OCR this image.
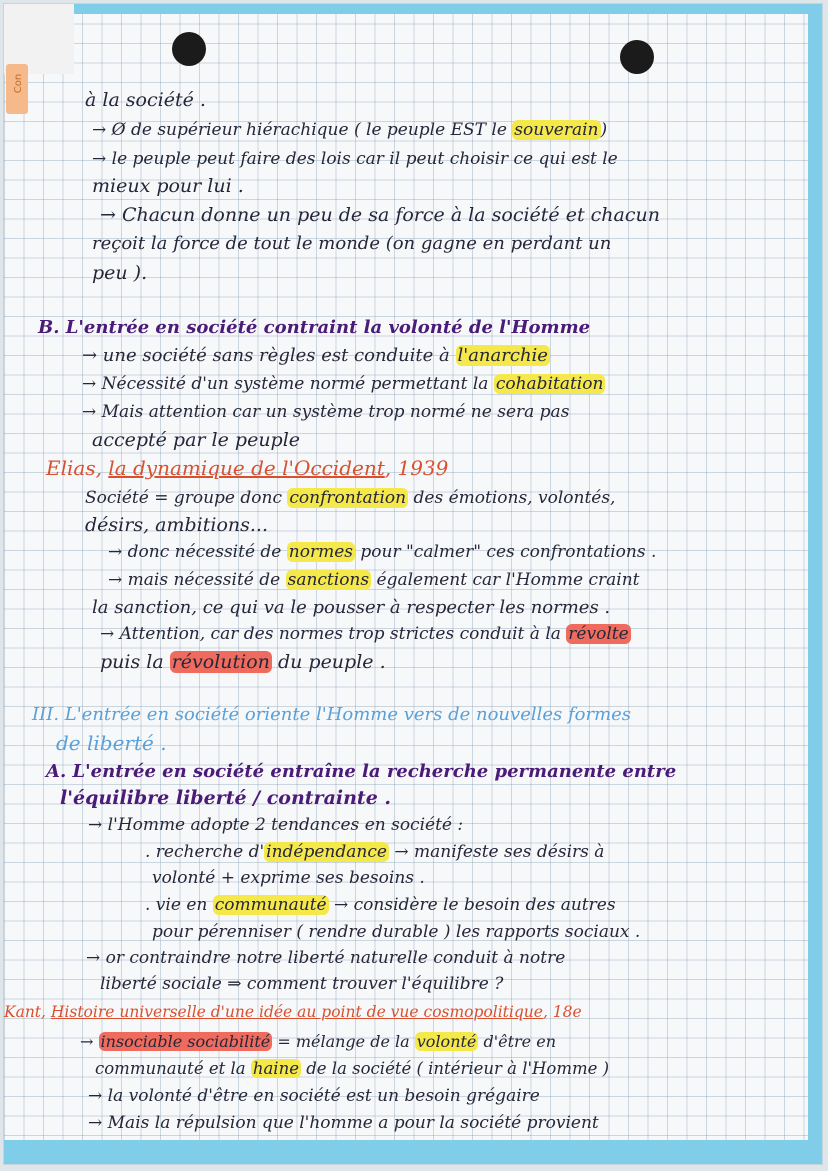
Con
à la société .
→ Ø de supérieur hiérachique ( le peuple EST le souverain )
→ le peuple peut faire des lois car il peut choisir ce qui est le
mieux pour lui .
→ Chacun donne un peu de sa force à la société et chacun
reçoit la force de tout le monde (on gagne en perdant un
peu ).
B. L'entrée en société contraint la volonté de l'Homme
→ une société sans règles est conduite à l'anarchie
→ Nécessité d'un système normé permettant la cohabitation
→ Mais attention car un système trop normé ne sera pas
accepté par le peuple
Elias, la dynamique de l'Occident, 1939
Société = groupe donc confrontation des émotions, volontés,
désirs, ambitions...
→ donc nécessité de normes pour "calmer" ces confrontations .
→ mais nécessité de sanctions également car l'Homme craint
la sanction, ce qui va le pousser à respecter les normes .
→ Attention, car des normes trop strictes conduit à la révolte
puis la révolution du peuple .
III. L'entrée en société oriente l'Homme vers de nouvelles formes
de liberté .
A. L'entrée en société entraîne la recherche permanente entre
l'équilibre liberté / contrainte .
→ l'Homme adopte 2 tendances en société :
. recherche d' indépendance → manifeste ses désirs à
volonté + exprime ses besoins .
. vie en communauté → considère le besoin des autres
pour pérenniser ( rendre durable ) les rapports sociaux .
→ or contraindre notre liberté naturelle conduit à notre
liberté sociale ⇒ comment trouver l'équilibre ?
Kant, Histoire universelle d'une idée au point de vue cosmopolitique, 18e
→ insociable sociabilité = mélange de la volonté d'être en
communauté et la haine de la société ( intérieur à l'Homme )
→ la volonté d'être en société est un besoin grégaire
→ Mais la répulsion que l'homme a pour la société provient
